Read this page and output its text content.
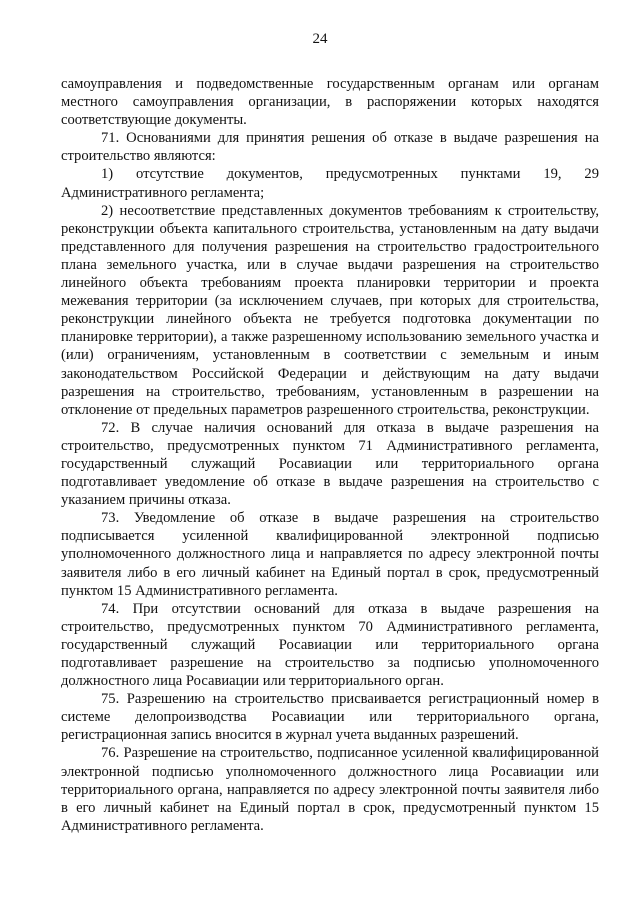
24

самоуправления и подведомственные государственным органам или органам местного самоуправления организации, в распоряжении которых находятся соответствующие документы.

71. Основаниями для принятия решения об отказе в выдаче разрешения на строительство являются:

1) отсутствие документов, предусмотренных пунктами 19, 29 Административного регламента;

2) несоответствие представленных документов требованиям к строительству, реконструкции объекта капитального строительства, установленным на дату выдачи представленного для получения разрешения на строительство градостроительного плана земельного участка, или в случае выдачи разрешения на строительство линейного объекта требованиям проекта планировки территории и проекта межевания территории (за исключением случаев, при которых для строительства, реконструкции линейного объекта не требуется подготовка документации по планировке территории), а также разрешенному использованию земельного участка и (или) ограничениям, установленным в соответствии с земельным и иным законодательством Российской Федерации и действующим на дату выдачи разрешения на строительство, требованиям, установленным в разрешении на отклонение от предельных параметров разрешенного строительства, реконструкции.

72. В случае наличия оснований для отказа в выдаче разрешения на строительство, предусмотренных пунктом 71 Административного регламента, государственный служащий Росавиации или территориального органа подготавливает уведомление об отказе в выдаче разрешения на строительство с указанием причины отказа.

73. Уведомление об отказе в выдаче разрешения на строительство подписывается усиленной квалифицированной электронной подписью уполномоченного должностного лица и направляется по адресу электронной почты заявителя либо в его личный кабинет на Единый портал в срок, предусмотренный пунктом 15 Административного регламента.

74. При отсутствии оснований для отказа в выдаче разрешения на строительство, предусмотренных пунктом 70 Административного регламента, государственный служащий Росавиации или территориального органа подготавливает разрешение на строительство за подписью уполномоченного должностного лица Росавиации или территориального орган.

75. Разрешению на строительство присваивается регистрационный номер в системе делопроизводства Росавиации или территориального органа, регистрационная запись вносится в журнал учета выданных разрешений.

76. Разрешение на строительство, подписанное усиленной квалифицированной электронной подписью уполномоченного должностного лица Росавиации или территориального органа, направляется по адресу электронной почты заявителя либо в его личный кабинет на Единый портал в срок, предусмотренный пунктом 15 Административного регламента.
